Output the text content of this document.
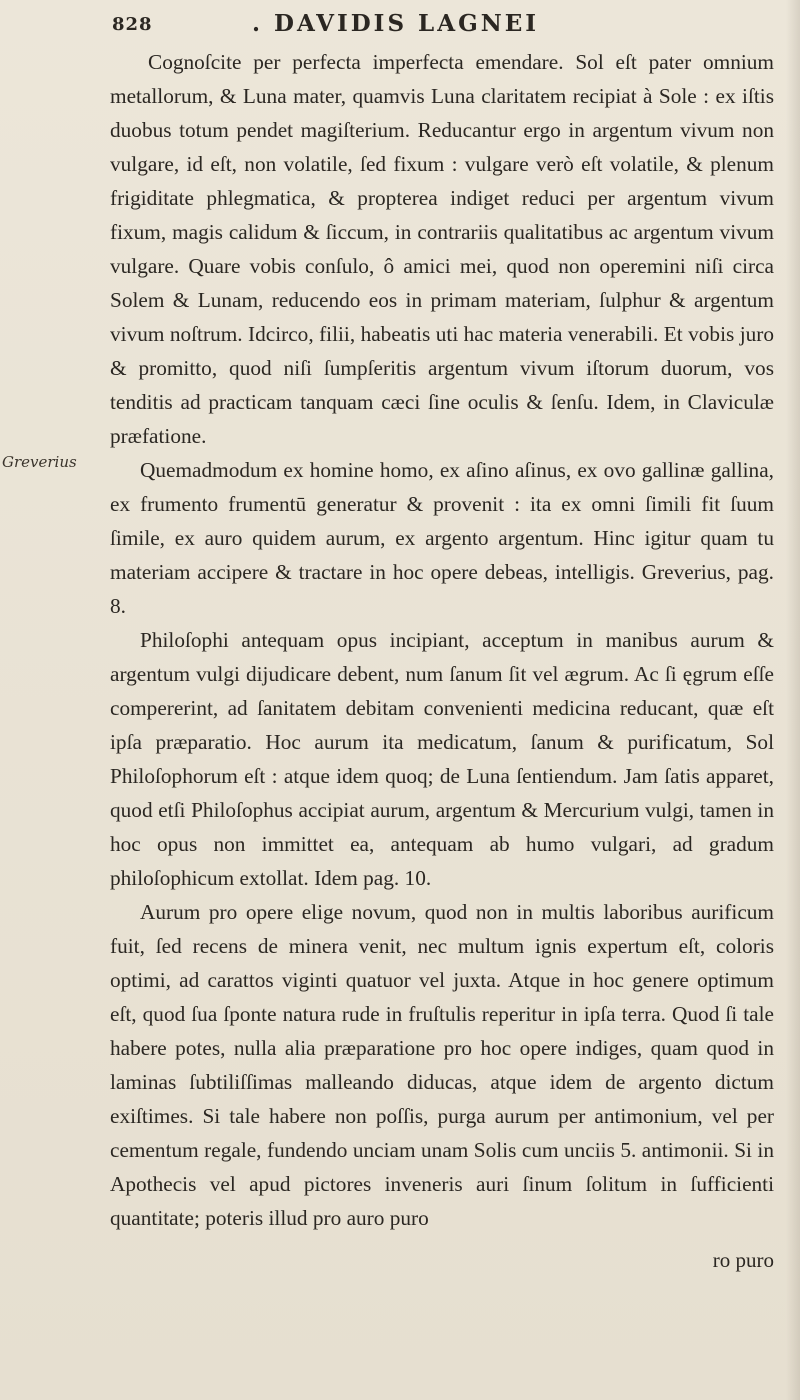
828	. DAVIDIS LAGNEI
Greverius

Cognoſcite per perfecta imperfecta emendare. Sol eſt pater omnium metallorum, & Luna mater, quamvis Luna claritatem recipiat à Sole : ex iſtis duobus totum pendet magiſterium. Reducantur ergo in argentum vivum non vulgare, id eſt, non volatile, ſed fixum : vulgare verò eſt volatile, & plenum frigiditate phlegmatica, & propterea indiget reduci per argentum vivum fixum, magis calidum & ſiccum, in contrariis qualitatibus ac argentum vivum vulgare. Quare vobis conſulo, ô amici mei, quod non operemini niſi circa Solem & Lunam, reducendo eos in primam materiam, ſulphur & argentum vivum noſtrum. Idcirco, filii, habeatis uti hac materia venerabili. Et vobis juro & promitto, quod niſi ſumpſeritis argentum vivum iſtorum duorum, vos tenditis ad practicam tanquam cæci ſine oculis & ſenſu. Idem, in Claviculæ præfatione.

Quemadmodum ex homine homo, ex aſino aſinus, ex ovo gallinæ gallina, ex frumento frumentū generatur & provenit : ita ex omni ſimili fit ſuum ſimile, ex auro quidem aurum, ex argento argentum. Hinc igitur quam tu materiam accipere & tractare in hoc opere debeas, intelligis. Greverius, pag. 8.

Philoſophi antequam opus incipiant, acceptum in manibus aurum & argentum vulgi dijudicare debent, num ſanum ſit vel ægrum. Ac ſi ęgrum eſſe compererint, ad ſanitatem debitam convenienti medicina reducant, quæ eſt ipſa præparatio. Hoc aurum ita medicatum, ſanum & purificatum, Sol Philoſophorum eſt : atque idem quoq; de Luna ſentiendum. Jam ſatis apparet, quod etſi Philoſophus accipiat aurum, argentum & Mercurium vulgi, tamen in hoc opus non immittet ea, antequam ab humo vulgari, ad gradum philoſophicum extollat. Idem pag. 10.

Aurum pro opere elige novum, quod non in multis laboribus aurificum fuit, ſed recens de minera venit, nec multum ignis expertum eſt, coloris optimi, ad carattos viginti quatuor vel juxta. Atque in hoc genere optimum eſt, quod ſua ſponte natura rude in fruſtulis reperitur in ipſa terra. Quod ſi tale habere potes, nulla alia præparatione pro hoc opere indiges, quam quod in laminas ſubtiliſſimas malleando diducas, atque idem de argento dictum exiſtimes. Si tale habere non poſſis, purga aurum per antimonium, vel per cementum regale, fundendo unciam unam Solis cum unciis 5. antimonii. Si in Apothecis vel apud pictores inveneris auri ſinum ſolitum in ſufficienti quantitate; poteris illud pro auro puro

ro puro
